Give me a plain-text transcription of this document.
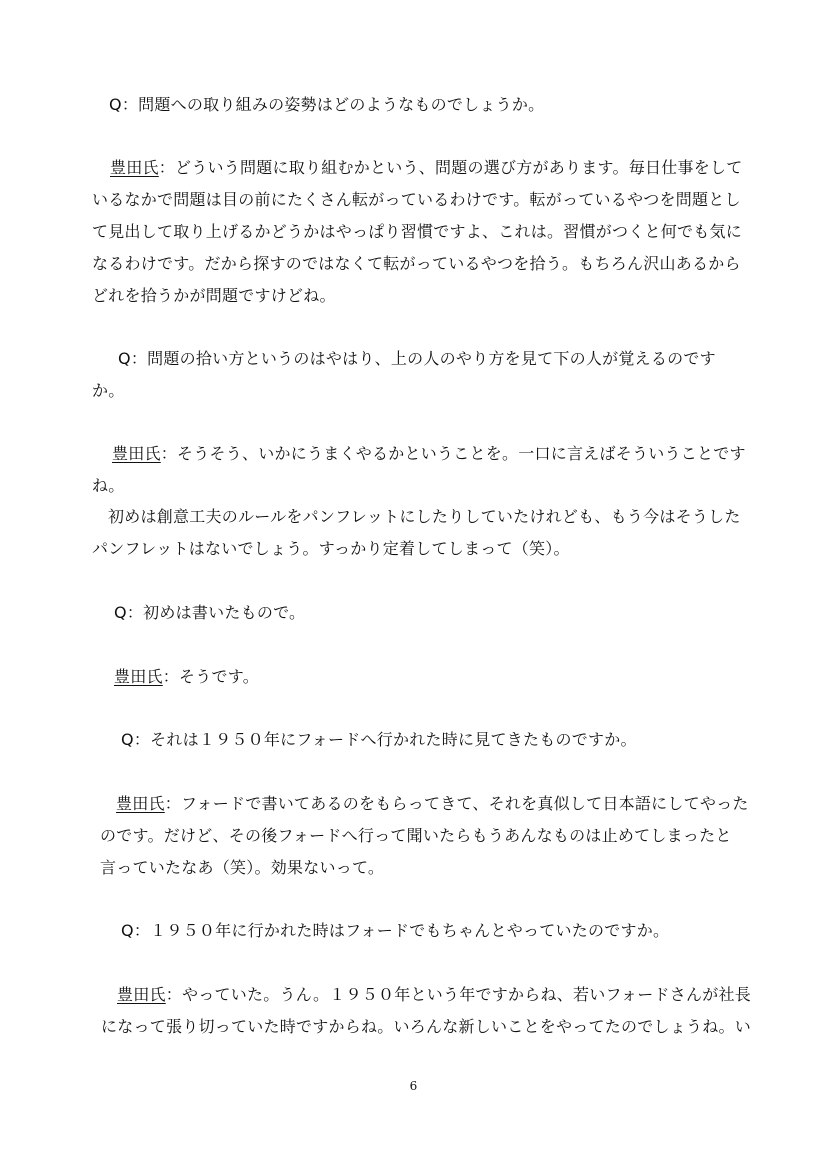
Q：問題への取り組みの姿勢はどのようなものでしょうか。
豊田氏：どういう問題に取り組むかという、問題の選び方があります。毎日仕事をして
いるなかで問題は目の前にたくさん転がっているわけです。転がっているやつを問題とし
て見出して取り上げるかどうかはやっぱり習慣ですよ、これは。習慣がつくと何でも気に
なるわけです。だから探すのではなくて転がっているやつを拾う。もちろん沢山あるから
どれを拾うかが問題ですけどね。
Q：問題の拾い方というのはやはり、上の人のやり方を見て下の人が覚えるのです
か。
豊田氏：そうそう、いかにうまくやるかということを。一口に言えばそういうことです
ね。
初めは創意工夫のルールをパンフレットにしたりしていたけれども、もう今はそうした
パンフレットはないでしょう。すっかり定着してしまって（笑）。
Q：初めは書いたもので。
豊田氏：そうです。
Q：それは１９５０年にフォードへ行かれた時に見てきたものですか。
豊田氏：フォードで書いてあるのをもらってきて、それを真似して日本語にしてやった
のです。だけど、その後フォードへ行って聞いたらもうあんなものは止めてしまったと
言っていたなあ（笑）。効果ないって。
Q：１９５０年に行かれた時はフォードでもちゃんとやっていたのですか。
豊田氏：やっていた。うん。１９５０年という年ですからね、若いフォードさんが社長
になって張り切っていた時ですからね。いろんな新しいことをやってたのでしょうね。い
6
